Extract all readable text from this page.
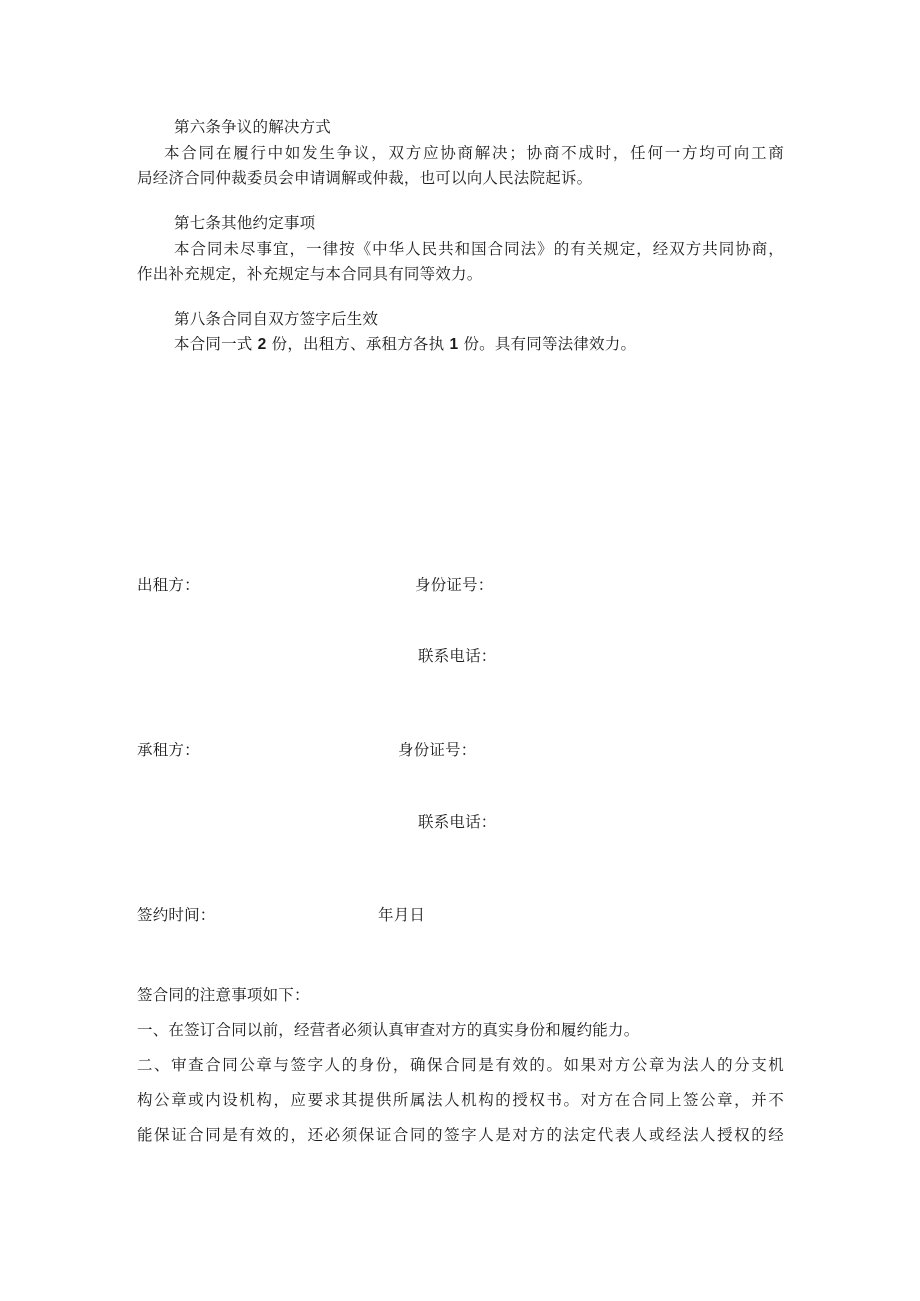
第六条争议的解决方式
本合同在履行中如发生争议，双方应协商解决；协商不成时，任何一方均可向工商
局经济合同仲裁委员会申请调解或仲裁，也可以向人民法院起诉。
第七条其他约定事项
本合同未尽事宜，一律按《中华人民共和国合同法》的有关规定，经双方共同协商，
作出补充规定，补充规定与本合同具有同等效力。
第八条合同自双方签字后生效
本合同一式 2 份，出租方、承租方各执 1 份。具有同等法律效力。
出租方：	身份证号：
联系电话：
承租方：	身份证号：
联系电话：
签约时间：	年月日
签合同的注意事项如下：
一、在签订合同以前，经营者必须认真审查对方的真实身份和履约能力。
二、审查合同公章与签字人的身份，确保合同是有效的。如果对方公章为法人的分支机
构公章或内设机构，应要求其提供所属法人机构的授权书。对方在合同上签公章，并不
能保证合同是有效的，还必须保证合同的签字人是对方的法定代表人或经法人授权的经
